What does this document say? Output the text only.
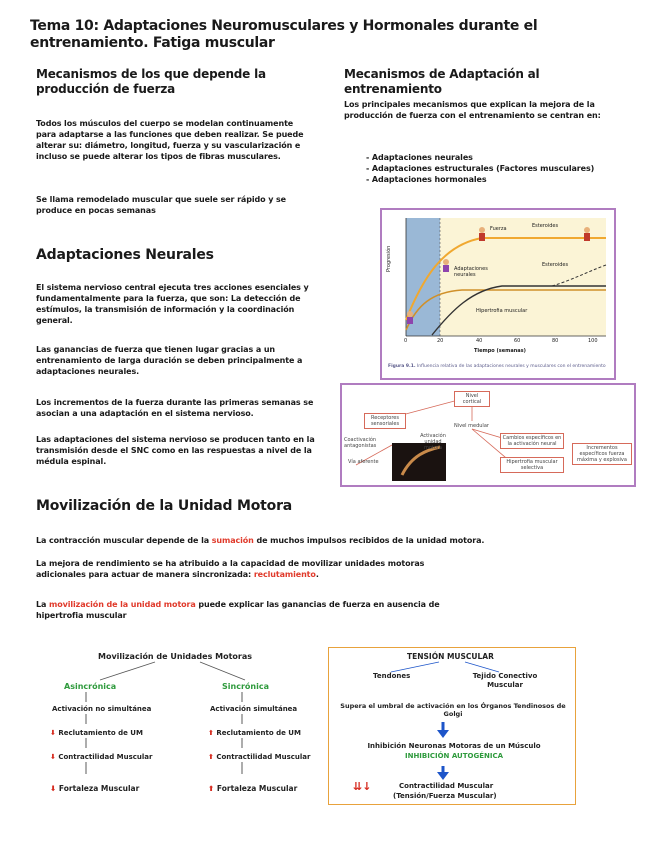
Tema 10: Adaptaciones Neuromusculares y Hormonales durante el entrenamiento. Fatiga muscular
Mecanismos de los que depende la producción de fuerza
Todos los músculos del cuerpo se modelan continuamente para adaptarse a las funciones que deben realizar. Se puede alterar su: diámetro, longitud, fuerza y su vascularización e incluso se puede alterar los tipos de fibras musculares.
Se llama remodelado muscular que suele ser rápido y se produce en pocas semanas
Adaptaciones Neurales
El sistema nervioso central ejecuta tres acciones esenciales y fundamentalmente para la fuerza, que son: La detección de estímulos, la transmisión de información y la coordinación general.
Las ganancias de fuerza que tienen lugar gracias a un entrenamiento de larga duración se deben principalmente a adaptaciones neurales.
Los incrementos de la fuerza durante las primeras semanas se asocian a una adaptación en el sistema nervioso.
Las adaptaciones del sistema nervioso se producen tanto en la transmisión desde el SNC como en las respuestas a nivel de la médula espinal.
Mecanismos de Adaptación al entrenamiento
Los principales mecanismos que explican la mejora de la producción de fuerza con el entrenamiento se centran en:
- Adaptaciones neurales
- Adaptaciones estructurales (Factores musculares)
- Adaptaciones hormonales
Progresión
Tiempo (semanas)
0	20	40	60	80	100
Fuerza	Esteroides
Esteroides
Adaptaciones neurales
Hipertrofia muscular
Figura 9.1. Influencia relativa de las adaptaciones neurales y musculares con el entrenamiento
Nivel cortical
Nivel medular
Receptores sensoriales
Activación unidad motora
Coactivación antagonistas
Vía aferente
Cambios específicos en la activación neural
Hipertrofia muscular selectiva
Incrementos específicos fuerza máxima y explosiva
Movilización de la Unidad Motora
La contracción muscular depende de la sumación de muchos impulsos recibidos de la unidad motora.
La mejora de rendimiento se ha atribuido a la capacidad de movilizar unidades motoras adicionales para actuar de manera sincronizada: reclutamiento.
La movilización de la unidad motora puede explicar las ganancias de fuerza en ausencia de hipertrofia muscular
Movilización de Unidades Motoras
Asincrónica	Sincrónica
Activación no simultánea	Activación simultánea
⬇ Reclutamiento de UM	⬆ Reclutamiento de UM
⬇ Contractilidad Muscular	⬆ Contractilidad Muscular
⬇ Fortaleza Muscular	⬆ Fortaleza Muscular
TENSIÓN MUSCULAR
Tendones	Tejido Conectivo Muscular
Supera el umbral de activación en los Órganos Tendinosos de Golgi
Inhibición Neuronas Motoras de un Músculo
INHIBICIÓN AUTOGÉNICA
⇊↓	Contractilidad Muscular
(Tensión/Fuerza Muscular)
